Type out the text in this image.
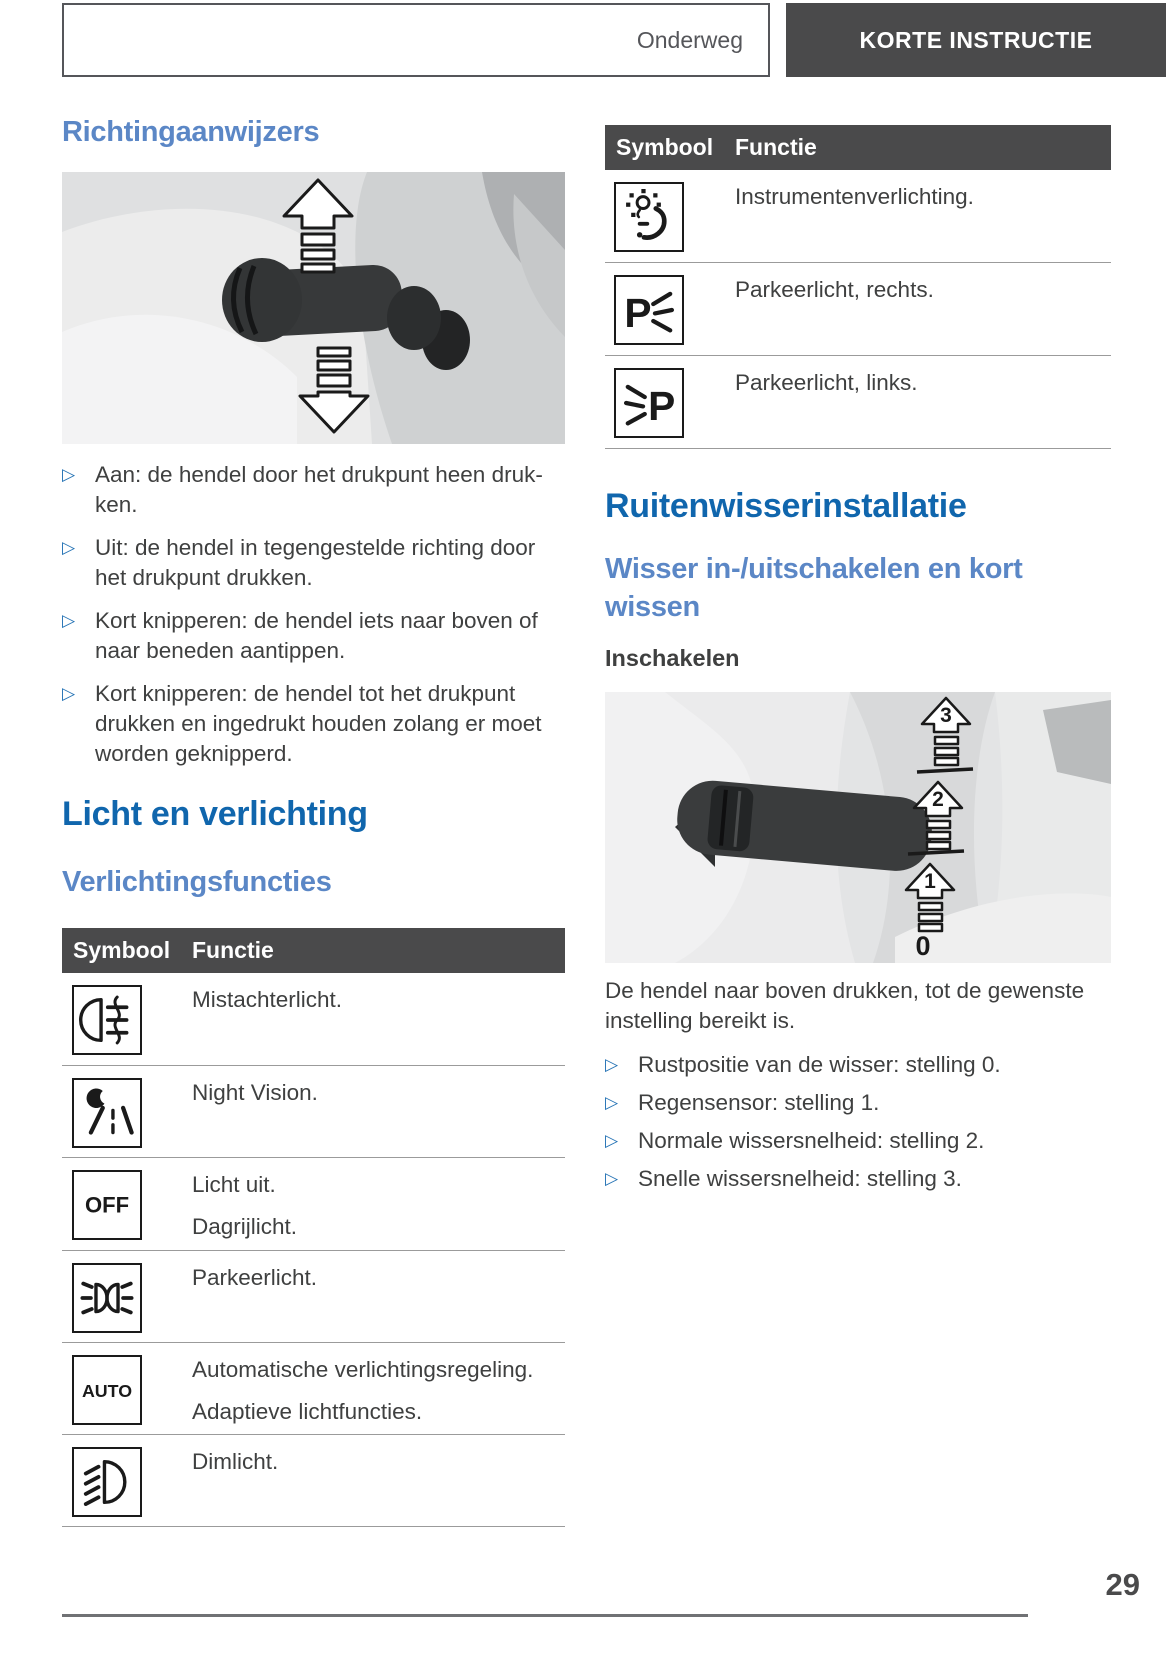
Onderweg	KORTE INSTRUCTIE
Richtingaanwijzers
▷ Aan: de hendel door het drukpunt heen druk-
ken.
▷ Uit: de hendel in tegengestelde richting door
het drukpunt drukken.
▷ Kort knipperen: de hendel iets naar boven of
naar beneden aantippen.
▷ Kort knipperen: de hendel tot het drukpunt
drukken en ingedrukt houden zolang er moet
worden geknipperd.
Licht en verlichting
Verlichtingsfuncties
Symbool Functie
Mistachterlicht.
Night Vision.
OFF
Licht uit.
Dagrijlicht.
Parkeerlicht.
AUTO
Automatische verlichtingsregeling.
Adaptieve lichtfuncties.
Dimlicht.
Symbool Functie
Instrumentenverlichting.
P
Parkeerlicht, rechts.
P
Parkeerlicht, links.
Ruitenwisserinstallatie
Wisser in-/uitschakelen en kort
wissen
Inschakelen
3
2
1
0
De hendel naar boven drukken, tot de gewenste
instelling bereikt is.
▷ Rustpositie van de wisser: stelling 0.
▷ Regensensor: stelling 1.
▷ Normale wissersnelheid: stelling 2.
▷ Snelle wissersnelheid: stelling 3.
29
